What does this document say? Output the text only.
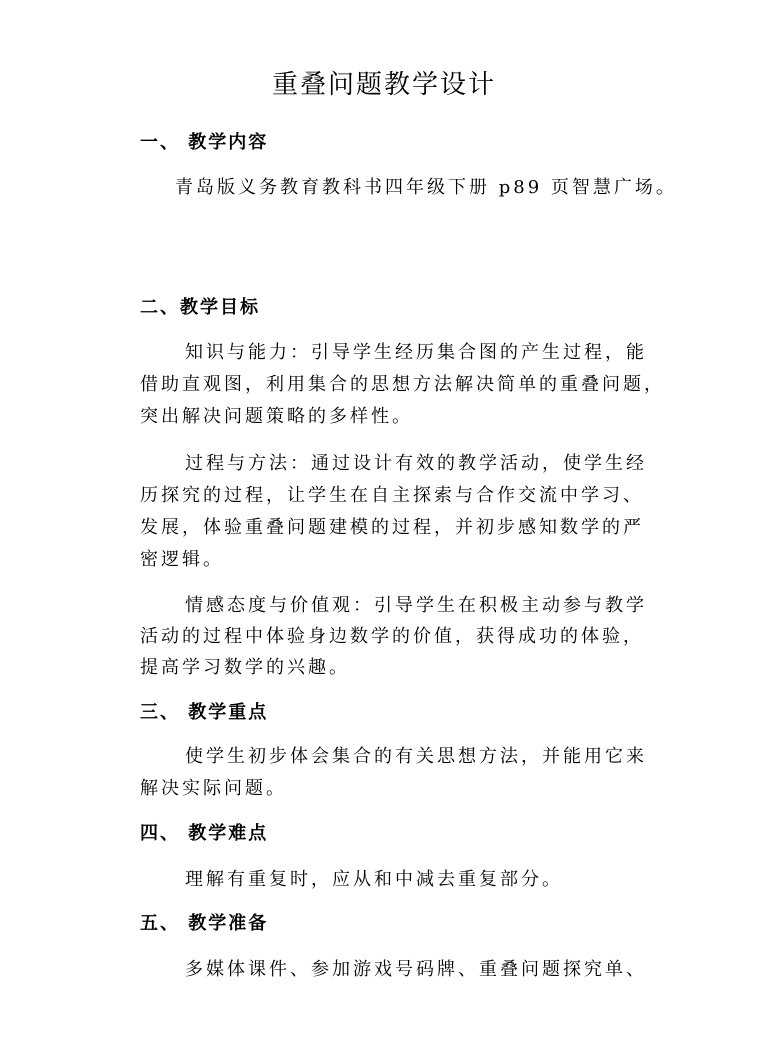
重叠问题教学设计
一、 教学内容
青岛版义务教育教科书四年级下册 p89 页智慧广场。
二、教学目标
知识与能力：引导学生经历集合图的产生过程，能
借助直观图，利用集合的思想方法解决简单的重叠问题，
突出解决问题策略的多样性。
过程与方法：通过设计有效的教学活动，使学生经
历探究的过程，让学生在自主探索与合作交流中学习、
发展，体验重叠问题建模的过程，并初步感知数学的严
密逻辑。
情感态度与价值观：引导学生在积极主动参与教学
活动的过程中体验身边数学的价值，获得成功的体验，
提高学习数学的兴趣。
三、 教学重点
使学生初步体会集合的有关思想方法，并能用它来
解决实际问题。
四、 教学难点
理解有重复时，应从和中减去重复部分。
五、 教学准备
多媒体课件、参加游戏号码牌、重叠问题探究单、
